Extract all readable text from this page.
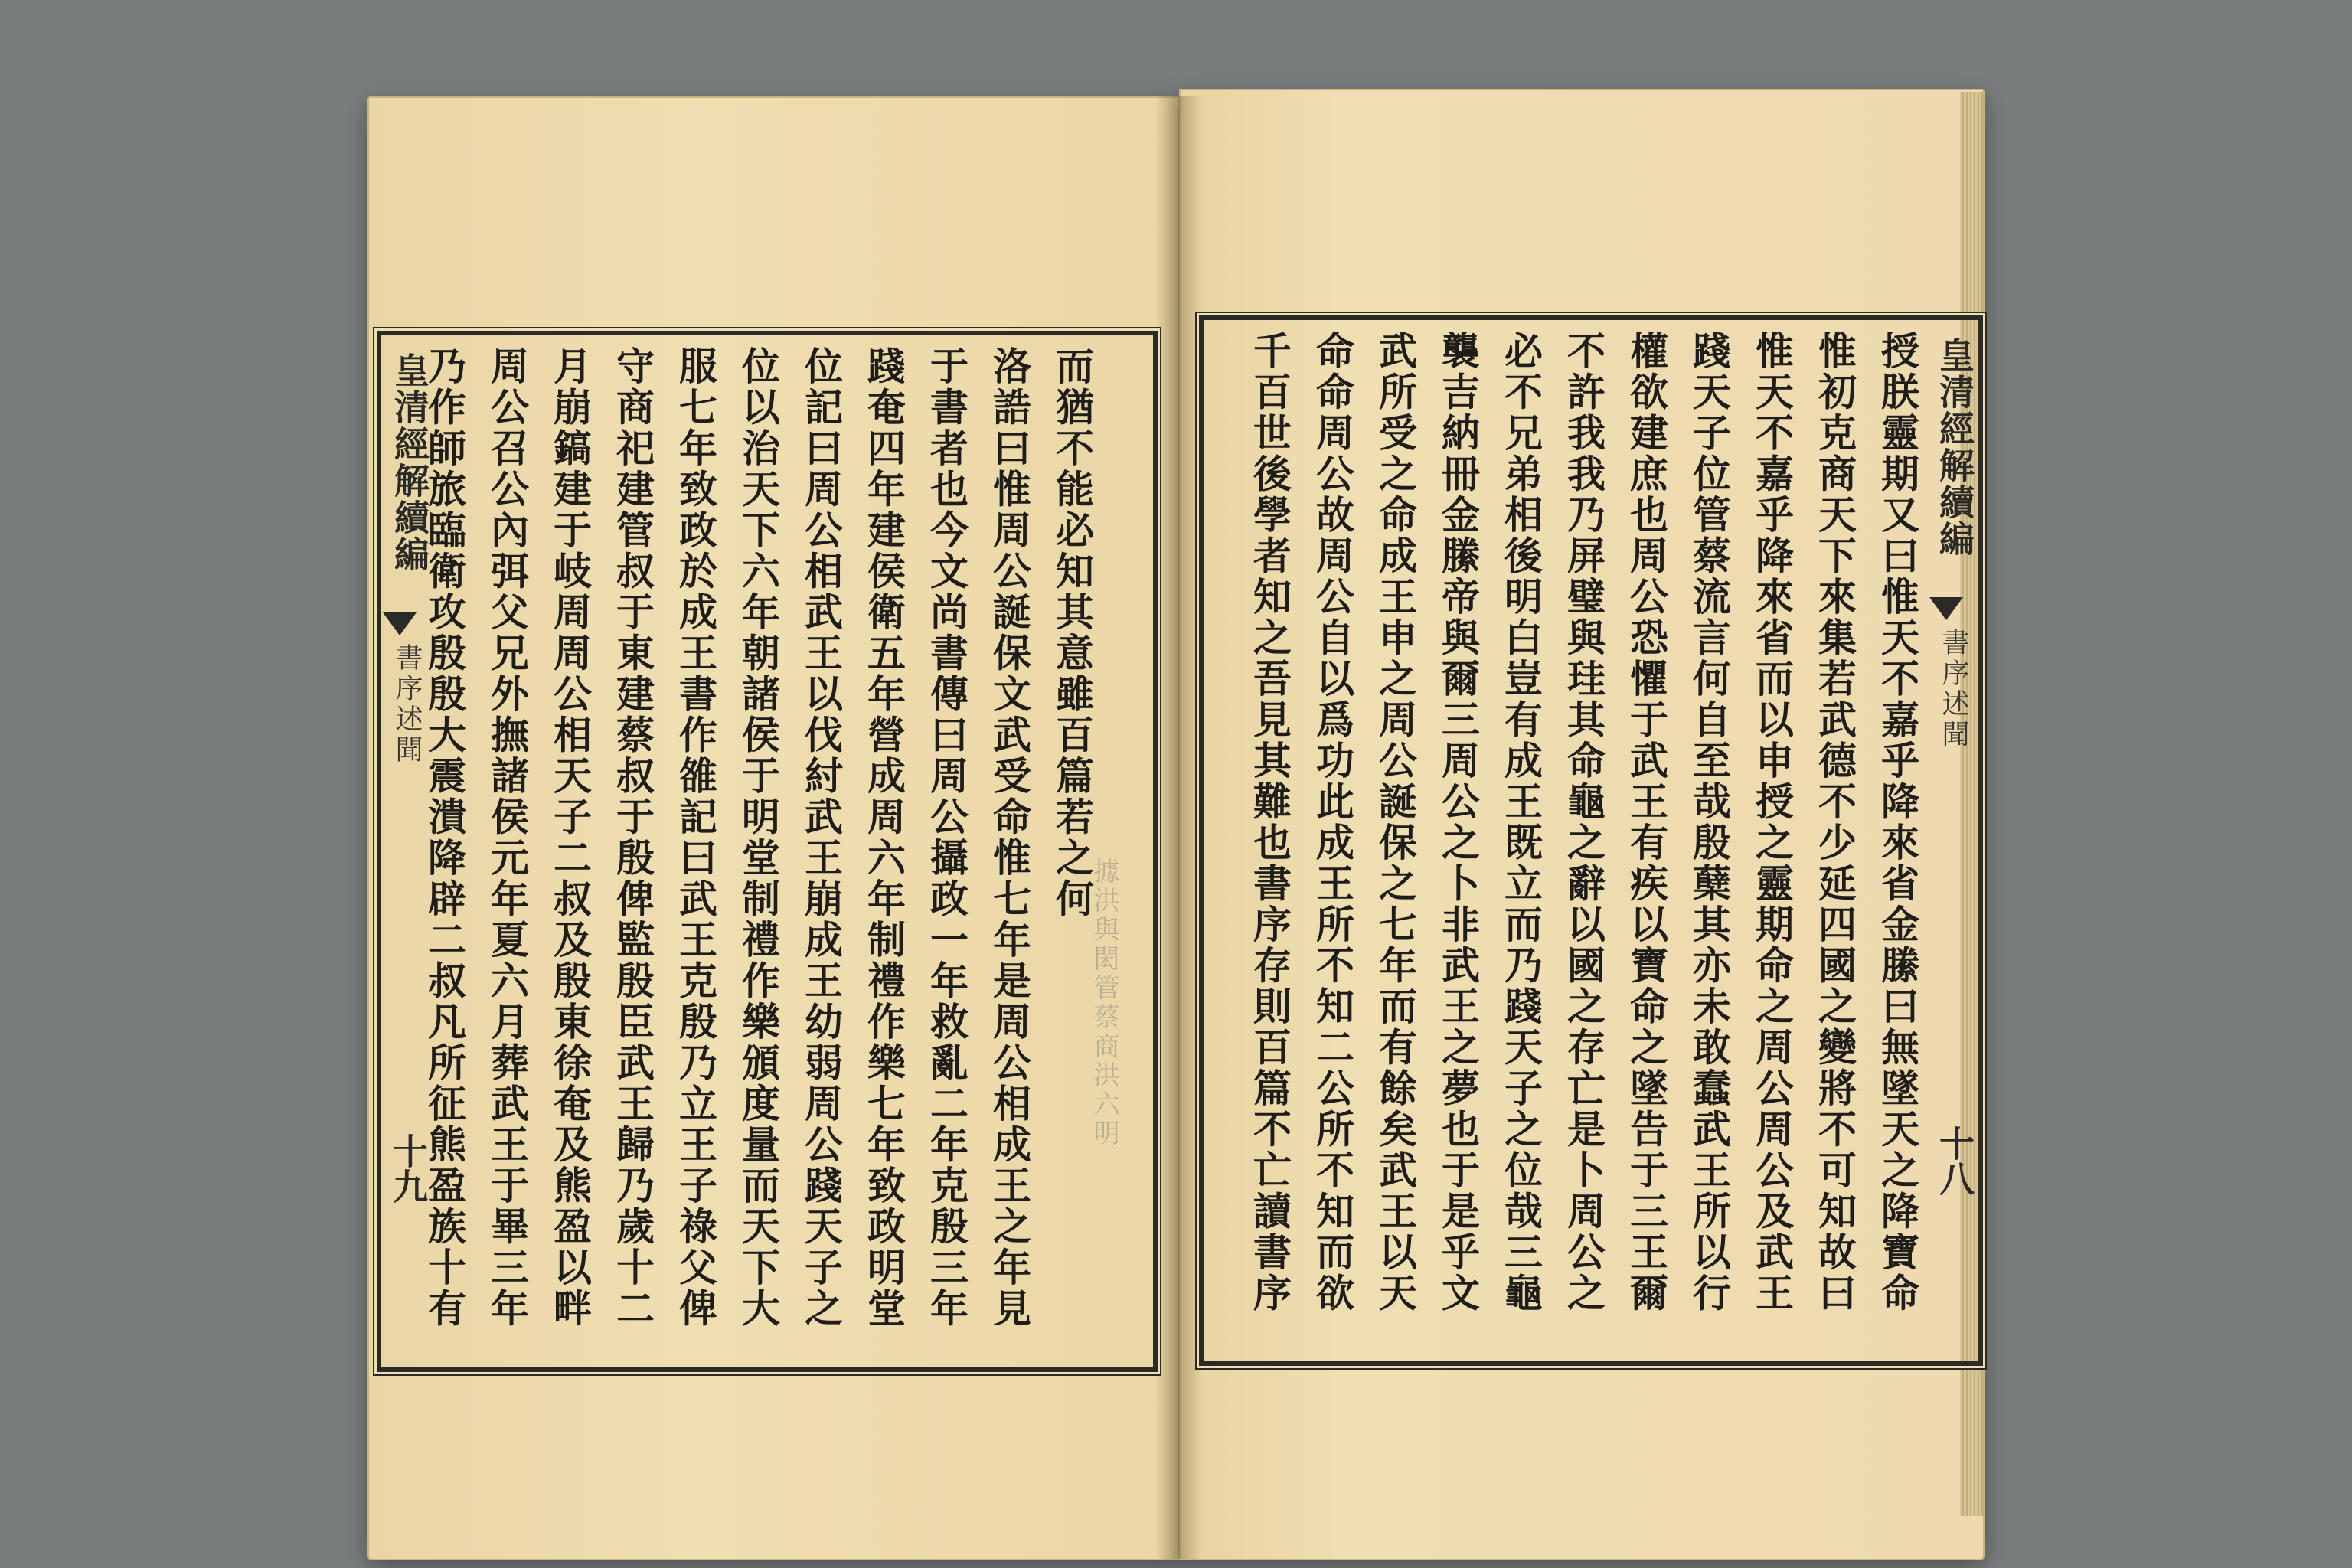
據洪與閎管蔡商洪六明
皇清經解續編
書序述聞
十九
皇清經解續編
書序述聞
十八
而猶不能必知其意雖百篇若之何
洛誥曰惟周公誕保文武受命惟七年是周公相成王之年見
于書者也今文尚書傳曰周公攝政一年救亂二年克殷三年
踐奄四年建侯衛五年營成周六年制禮作樂七年致政明堂
位記曰周公相武王以伐紂武王崩成王幼弱周公踐天子之
位以治天下六年朝諸侯于明堂制禮作樂頒度量而天下大
服七年致政於成王書作雒記曰武王克殷乃立王子祿父俾
守商祀建管叔于東建蔡叔于殷俾監殷臣武王歸乃歲十二
月崩鎬建于岐周周公相天子二叔及殷東徐奄及熊盈以畔
周公召公內弭父兄外撫諸侯元年夏六月葬武王于畢三年
乃作師旅臨衛攻殷殷大震潰降辟二叔凡所征熊盈族十有	授朕靈期又曰惟天不嘉乎降來省金縢曰無墜天之降寶命
惟初克商天下來集若武德不少延四國之變將不可知故曰
惟天不嘉乎降來省而以申授之靈期命之周公周公及武王
踐天子位管蔡流言何自至哉殷蘖其亦未敢蠢武王所以行
權欲建庶也周公恐懼于武王有疾以寶命之墜告于三王爾
不許我我乃屏璧與珪其命龜之辭以國之存亡是卜周公之
必不兄弟相後明白豈有成王既立而乃踐天子之位哉三龜
襲吉納冊金縢帝與爾三周公之卜非武王之夢也于是乎文
武所受之命成王申之周公誕保之七年而有餘矣武王以天
命命周公故周公自以爲功此成王所不知二公所不知而欲
千百世後學者知之吾見其難也書序存則百篇不亡讀書序
